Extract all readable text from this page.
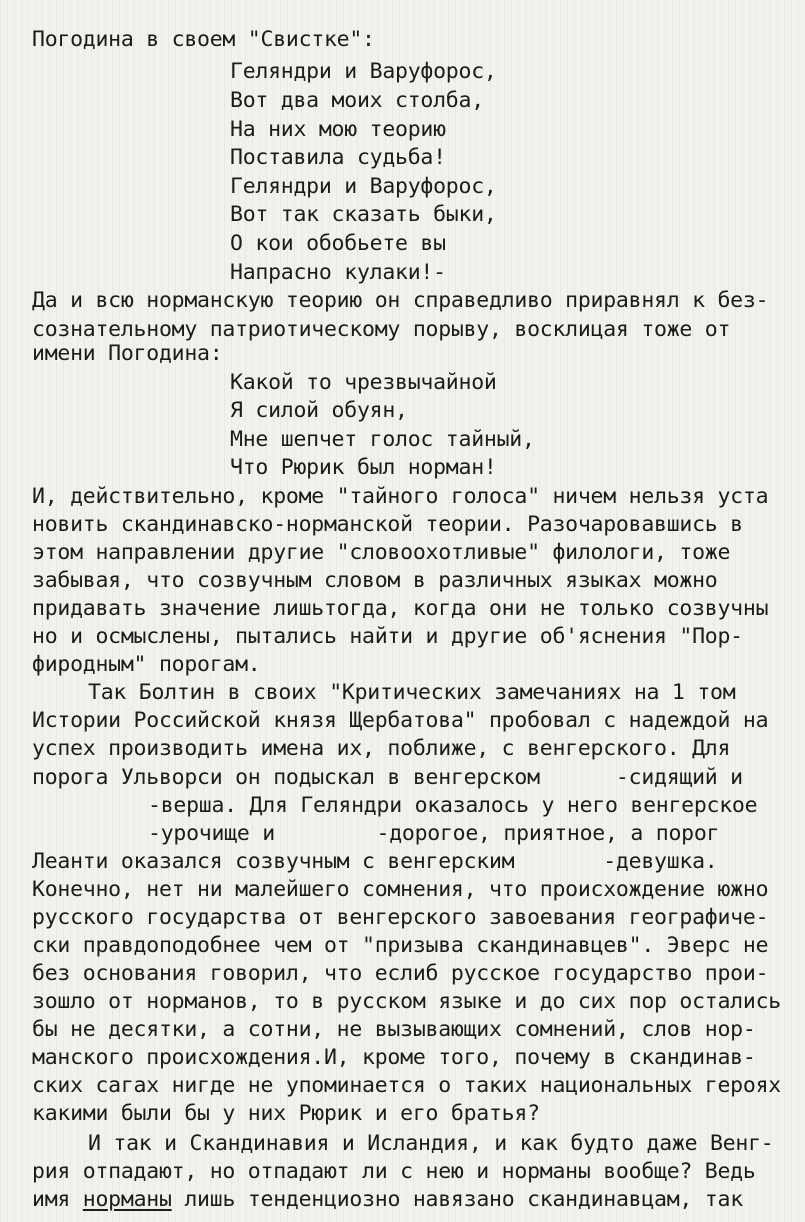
Погодина в своем "Свистке":
Геляндри и Варуфорос,
Вот два моих столба,
На них мою теорию
Поставила судьба!
Геляндри и Варуфорос,
Вот так сказать быки,
О кои обобьете вы
Напрасно кулаки!-
Да и всю норманскую теорию он справедливо приравнял к без-
сознательному патриотическому порыву, восклицая тоже от
имени Погодина:
Какой то чрезвычайной
Я силой обуян,
Мне шепчет голос тайный,
Что Рюрик был норман!
И, действительно, кроме "тайного голоса" ничем нельзя уста
новить скандинавско-норманской теории. Разочаровавшись в
этом направлении другие "словоохотливые" филологи, тоже
забывая, что созвучным словом в различных языках можно
придавать значение лишьтогда, когда они не только созвучны
но и осмыслены, пытались найти и другие об'яснения "Пор-
фиродным" порогам.
Так Болтин в своих "Критических замечаниях на 1 том
Истории Российской князя Щербатова" пробовал с надеждой на
успех производить имена их, поближе, с венгерского. Для
порога Ульворси он подыскал в венгерском      -сидящий и
-верша. Для Геляндри оказалось у него венгерское
-урочище и        -дорогое, приятное, а порог
Леанти оказался созвучным с венгерским       -девушка.
Конечно, нет ни малейшего сомнения, что происхождение южно
русского государства от венгерского завоевания географиче-
ски правдоподобнее чем от "призыва скандинавцев". Эверс не
без основания говорил, что еслиб русское государство прои-
зошло от норманов, то в русском языке и до сих пор остались
бы не десятки, а сотни, не вызывающих сомнений, слов нор-
манского происхождения.И, кроме того, почему в скандинав-
ских сагах нигде не упоминается о таких национальных героях
какими были бы у них Рюрик и его братья?
И так и Скандинавия и Исландия, и как будто даже Венг-
рия отпадают, но отпадают ли с нею и норманы вообще? Ведь
имя норманы лишь тенденциозно навязано скандинавцам, так
